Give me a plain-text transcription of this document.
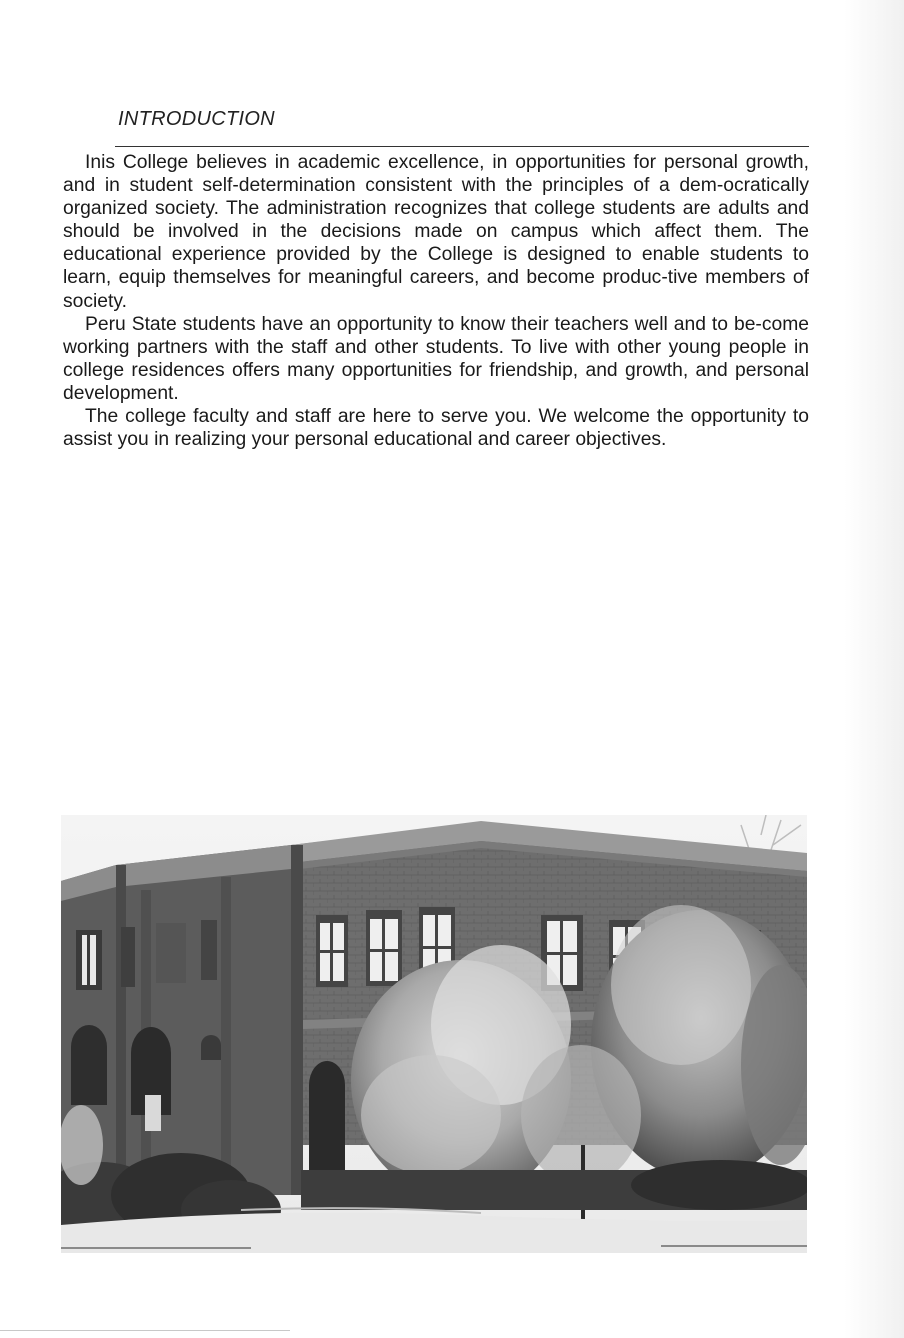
INTRODUCTION

Inis College believes in academic excellence, in opportunities for personal growth, and in student self-determination consistent with the principles of a dem-ocratically organized society. The administration recognizes that college students are adults and should be involved in the decisions made on campus which affect them. The educational experience provided by the College is designed to enable students to learn, equip themselves for meaningful careers, and become produc-tive members of society.

Peru State students have an opportunity to know their teachers well and to be-come working partners with the staff and other students. To live with other young people in college residences offers many opportunities for friendship, and growth, and personal development.

The college faculty and staff are here to serve you. We welcome the opportunity to assist you in realizing your personal educational and career objectives.
